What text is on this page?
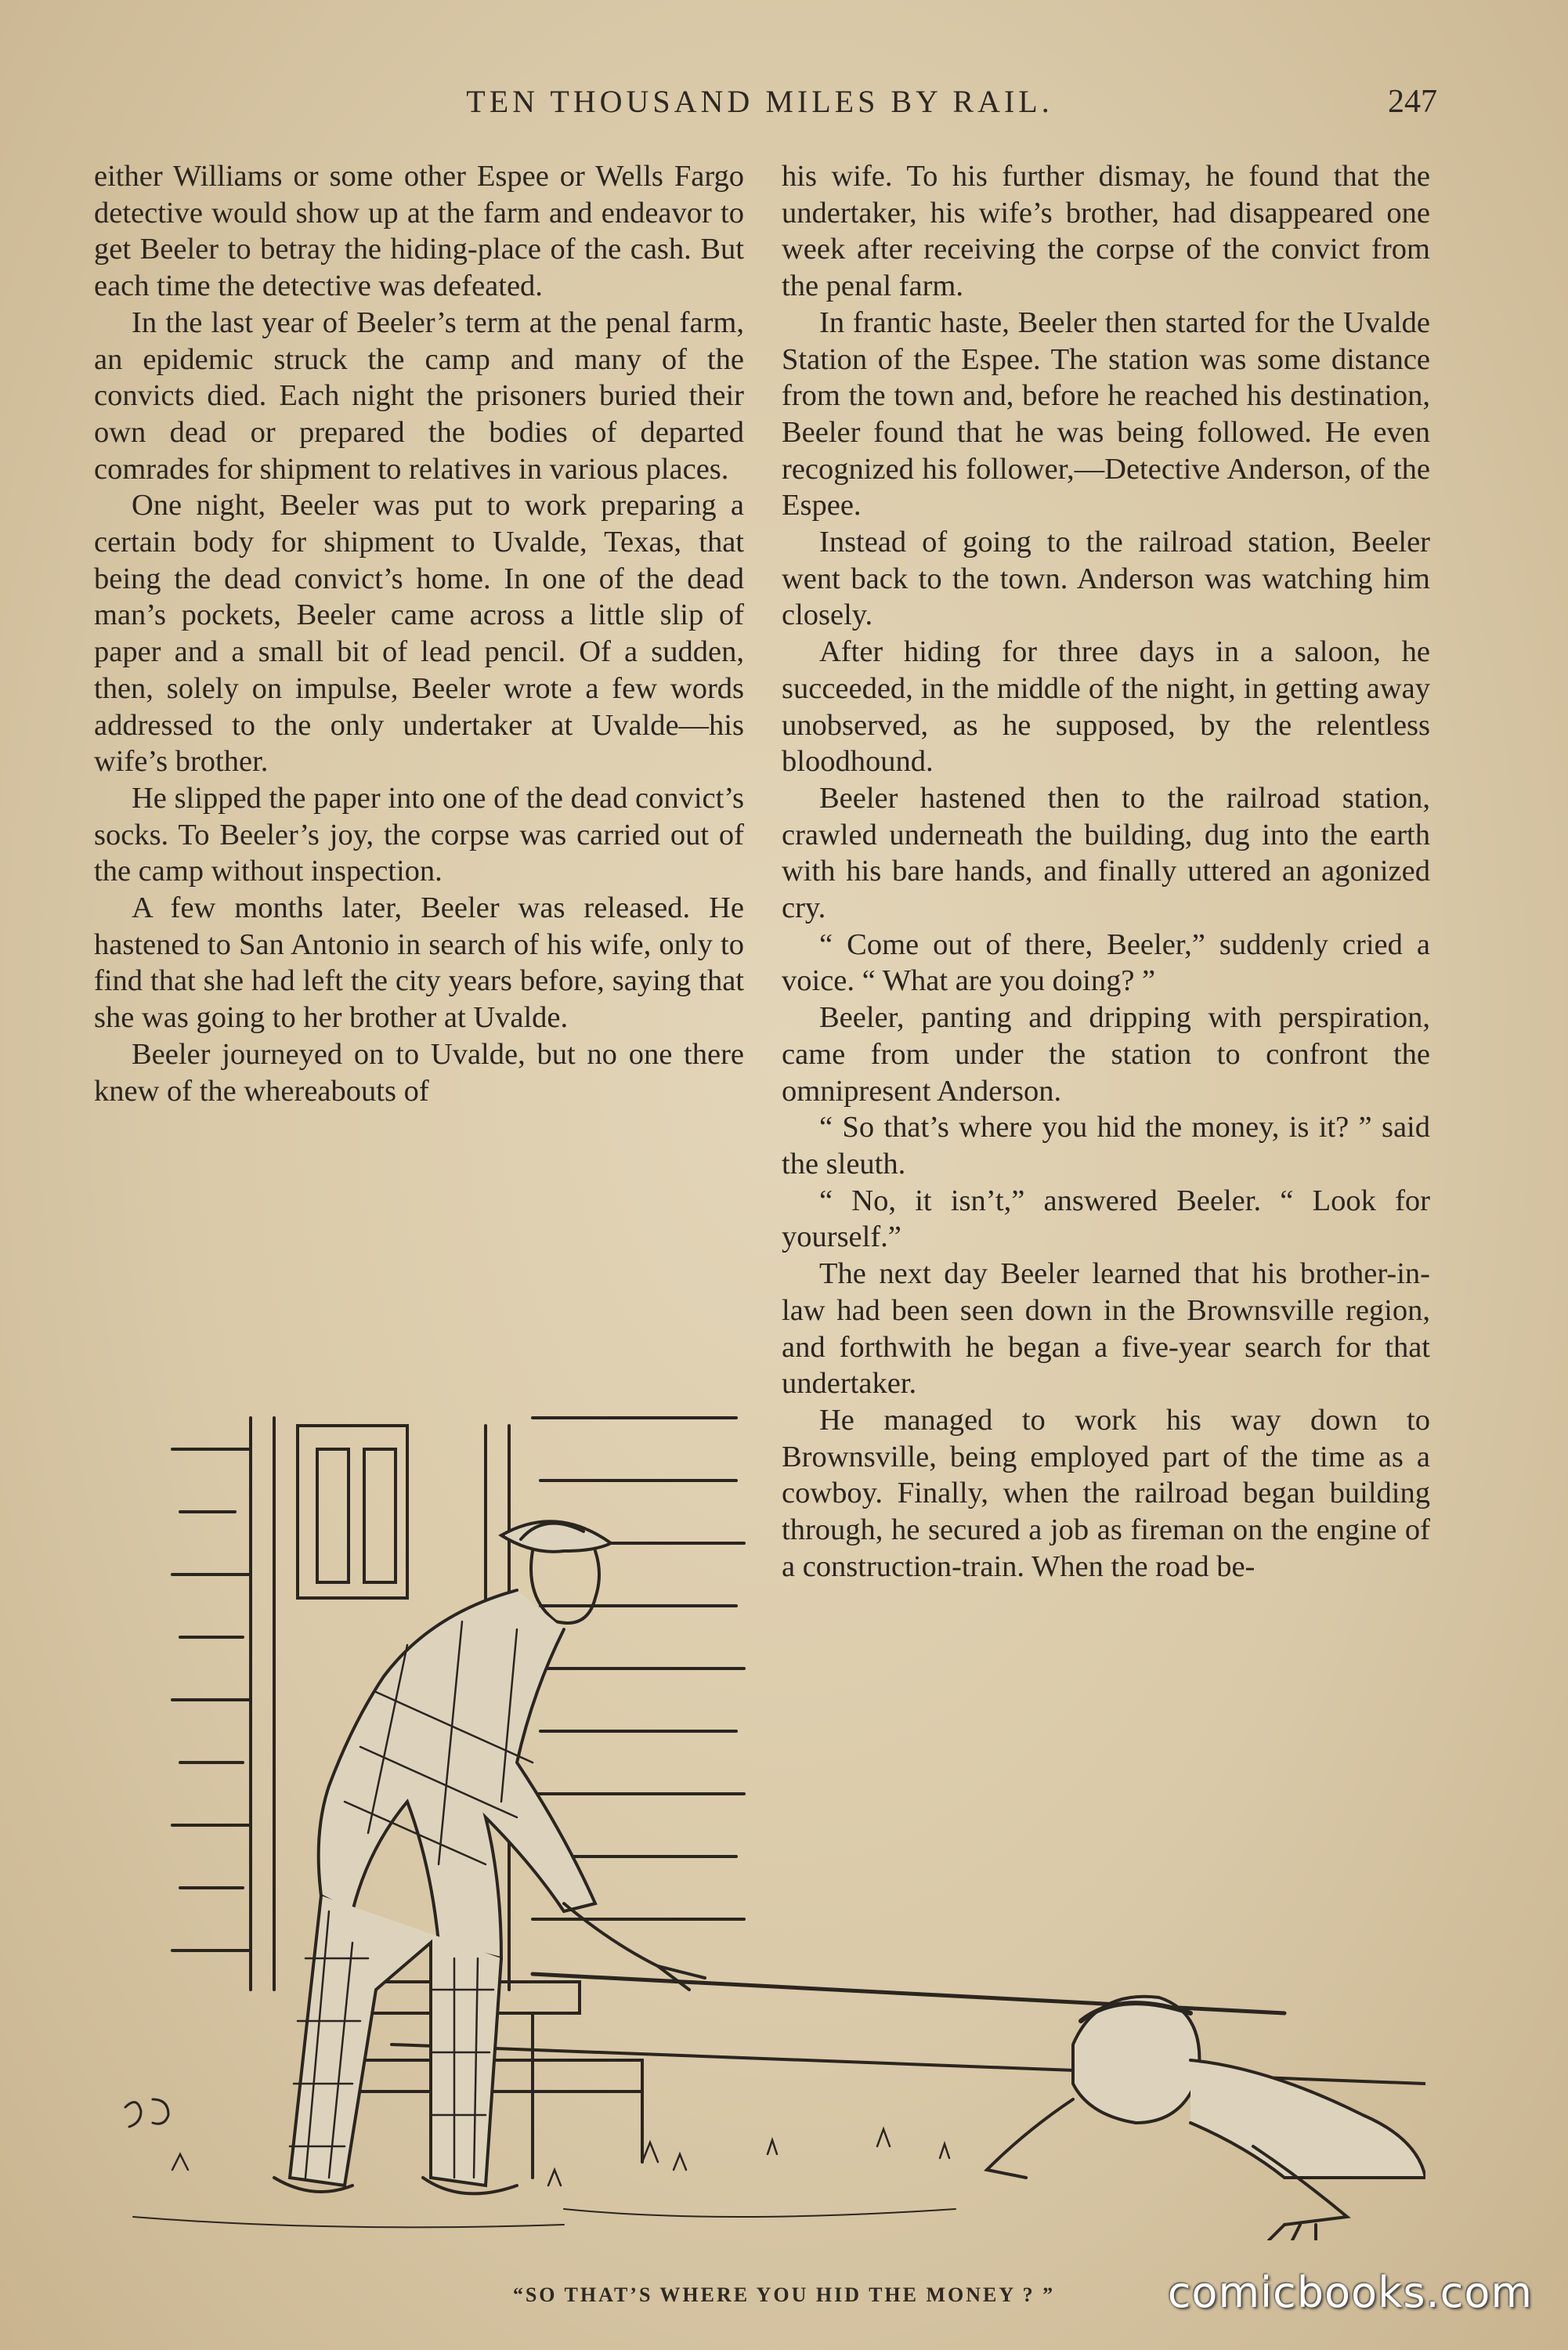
TEN THOUSAND MILES BY RAIL.	247

either Williams or some other Espee or Wells Fargo detective would show up at the farm and endeavor to get Beeler to betray the hiding-place of the cash. But each time the detective was defeated.

In the last year of Beeler’s term at the penal farm, an epidemic struck the camp and many of the convicts died. Each night the prisoners buried their own dead or prepared the bodies of departed comrades for shipment to relatives in various places.

One night, Beeler was put to work preparing a certain body for shipment to Uvalde, Texas, that being the dead convict’s home. In one of the dead man’s pockets, Beeler came across a little slip of paper and a small bit of lead pencil. Of a sudden, then, solely on impulse, Beeler wrote a few words addressed to the only undertaker at Uvalde—his wife’s brother.

He slipped the paper into one of the dead convict’s socks. To Beeler’s joy, the corpse was carried out of the camp without inspection.

A few months later, Beeler was released. He hastened to San Antonio in search of his wife, only to find that she had left the city years before, saying that she was going to her brother at Uvalde.

Beeler journeyed on to Uvalde, but no one there knew of the whereabouts of

his wife. To his further dismay, he found that the undertaker, his wife’s brother, had disappeared one week after receiving the corpse of the convict from the penal farm.

In frantic haste, Beeler then started for the Uvalde Station of the Espee. The station was some distance from the town and, before he reached his destination, Beeler found that he was being followed. He even recognized his follower,—Detective Anderson, of the Espee.

Instead of going to the railroad station, Beeler went back to the town. Anderson was watching him closely.

After hiding for three days in a saloon, he succeeded, in the middle of the night, in getting away unobserved, as he supposed, by the relentless bloodhound.

Beeler hastened then to the railroad station, crawled underneath the building, dug into the earth with his bare hands, and finally uttered an agonized cry.

“ Come out of there, Beeler,” suddenly cried a voice. “ What are you doing? ”

Beeler, panting and dripping with perspiration, came from under the station to confront the omnipresent Anderson.

“ So that’s where you hid the money, is it? ” said the sleuth.

“ No, it isn’t,” answered Beeler. “ Look for yourself.”

The next day Beeler learned that his brother-in-law had been seen down in the Brownsville region, and forthwith he began a five-year search for that undertaker.

He managed to work his way down to Brownsville, being employed part of the time as a cowboy. Finally, when the railroad began building through, he secured a job as fireman on the engine of a construction-train. When the road be-

“SO THAT’S WHERE YOU HID THE MONEY ? ”	comicbooks.com
